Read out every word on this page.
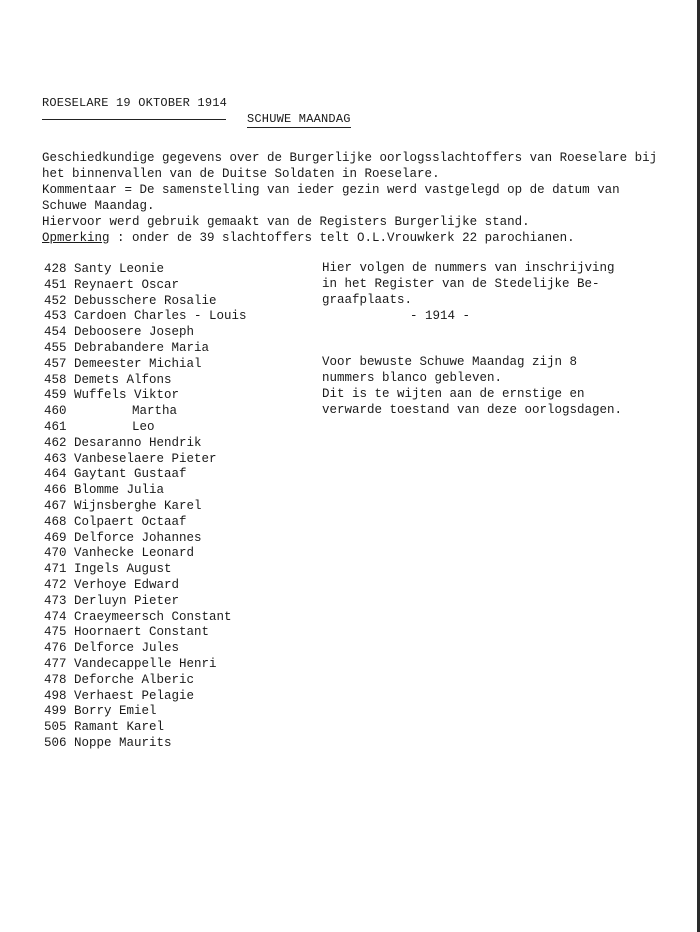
ROESELARE 19 OKTOBER 1914
SCHUWE MAANDAG
Geschiedkundige gegevens over de Burgerlijke oorlogsslachtoffers van Roeselare bij
het binnenvallen van de Duitse Soldaten in Roeselare.
Kommentaar = De samenstelling van ieder gezin werd vastgelegd op de datum van
Schuwe Maandag.
Hiervoor werd gebruik gemaakt van de Registers Burgerlijke stand.
Opmerking : onder de 39 slachtoffers telt O.L.Vrouwkerk 22 parochianen.
428 Santy Leonie
451 Reynaert Oscar
452 Debusschere Rosalie
453 Cardoen Charles - Louis
454 Deboosere Joseph
455 Debrabandere Maria
457 Demeester Michial
458 Demets Alfons
459 Wuffels Viktor
460	Martha
461	Leo
462 Desaranno Hendrik
463 Vanbeselaere Pieter
464 Gaytant Gustaaf
466 Blomme Julia
467 Wijnsberghe Karel
468 Colpaert Octaaf
469 Delforce Johannes
470 Vanhecke Leonard
471 Ingels August
472 Verhoye Edward
473 Derluyn Pieter
474 Craeymeersch Constant
475 Hoornaert Constant
476 Delforce Jules
477 Vandecappelle Henri
478 Deforche Alberic
498 Verhaest Pelagie
499 Borry Emiel
505 Ramant Karel
506 Noppe Maurits
Hier volgen de nummers van inschrijving
in het Register van de Stedelijke Be-
graafplaats.
- 1914 -
Voor bewuste Schuwe Maandag zijn 8
nummers blanco gebleven.
Dit is te wijten aan de ernstige en
verwarde toestand van deze oorlogsdagen.
